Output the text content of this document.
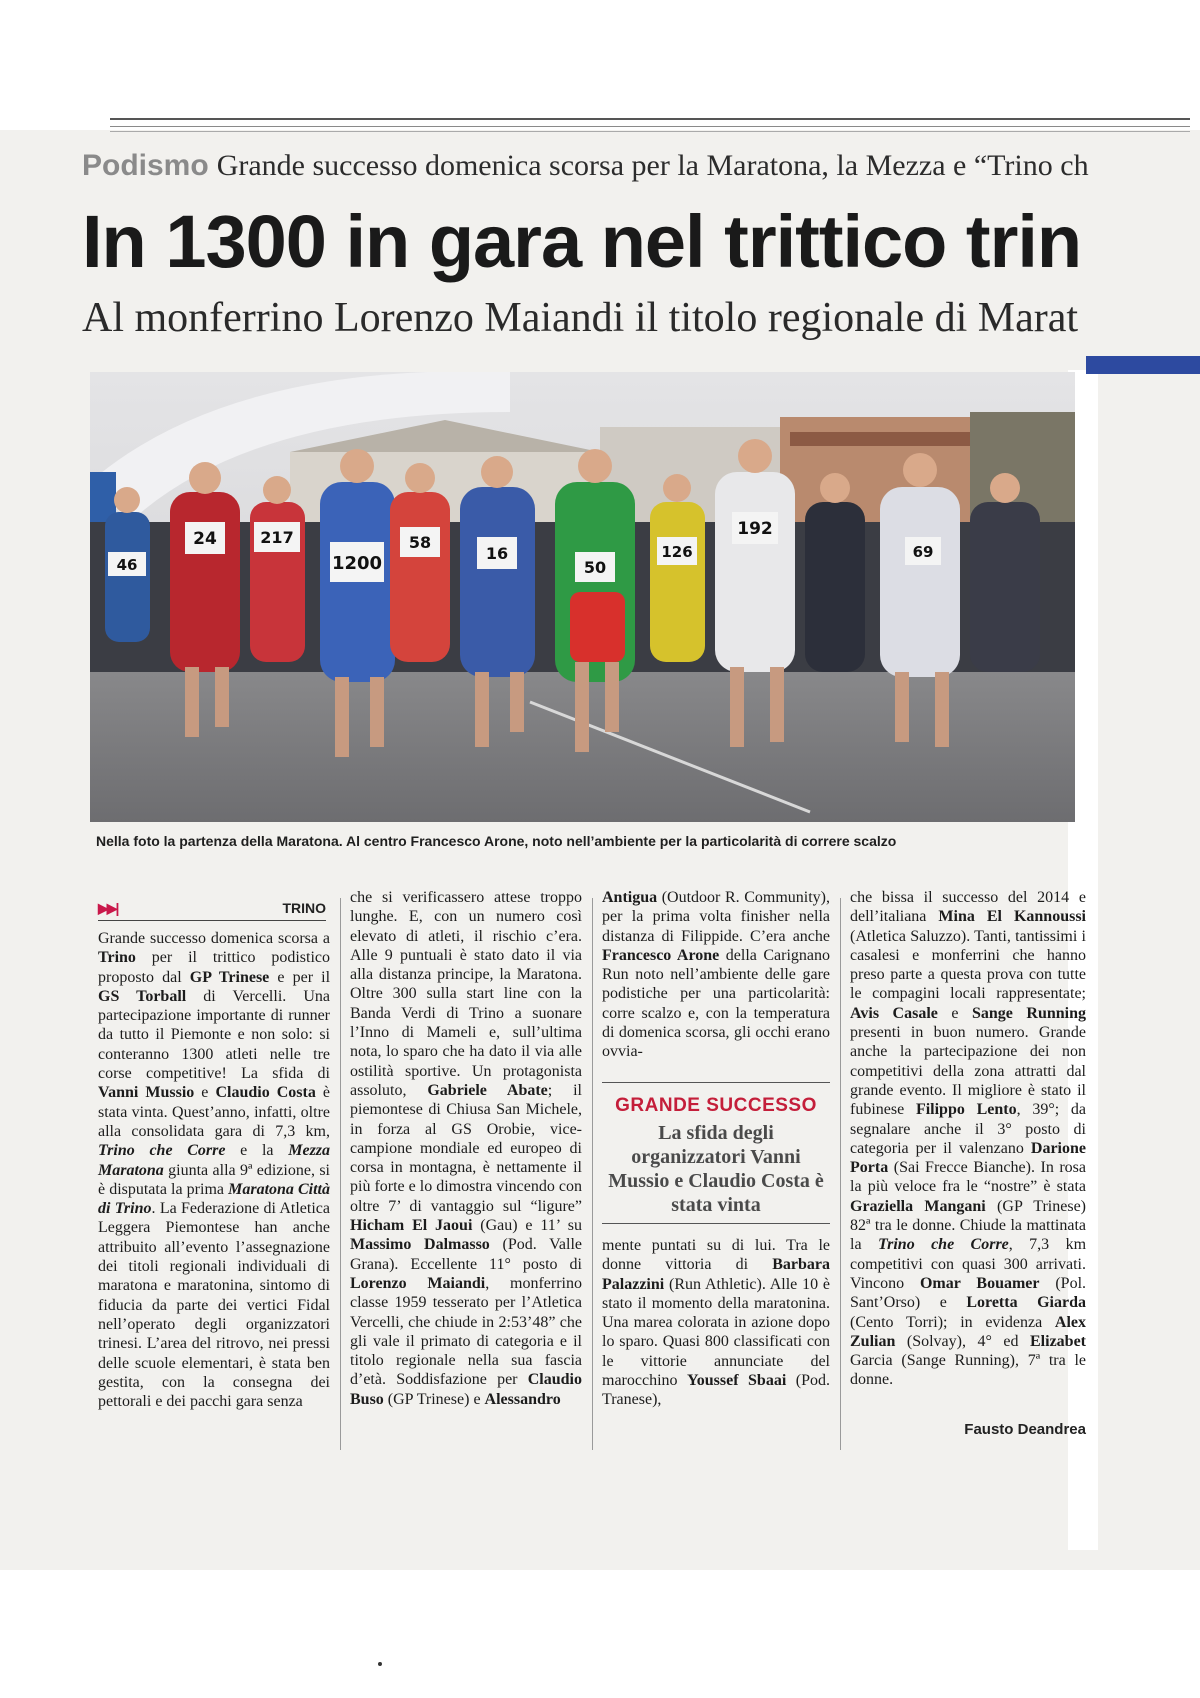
Podismo Grande successo domenica scorsa per la Maratona, la Mezza e “Trino ch
In 1300 in gara nel trittico trin
Al monferrino Lorenzo Maiandi il titolo regionale di Marat
46
24	217
1200
58
16
50
126
192
69
Nella foto la partenza della Maratona. Al centro Francesco Arone, noto nell’ambiente per la particolarità di correre scalzo
▶▶|	TRINO

Grande successo domenica scorsa a Trino per il trittico podistico proposto dal GP Trinese e per il GS Torball di Vercelli. Una partecipazione importante di runner da tutto il Piemonte e non solo: si conteranno 1300 atleti nelle tre corse competitive! La sfida di Vanni Mussio e Claudio Costa è stata vinta. Quest’anno, infatti, oltre alla consolidata gara di 7,3 km, Trino che Corre e la Mezza Maratona giunta alla 9ª edizione, si è disputata la prima Maratona Città di Trino. La Federazione di Atletica Leggera Piemontese han anche attribuito all’evento l’assegnazione dei titoli regionali individuali di maratona e maratonina, sintomo di fiducia da parte dei vertici Fidal nell’operato degli organizzatori trinesi. L’area del ritrovo, nei pressi delle scuole elementari, è stata ben gestita, con la consegna dei pettorali e dei pacchi gara senza

che si verificassero attese troppo lunghe. E, con un numero così elevato di atleti, il rischio c’era. Alle 9 puntuali è stato dato il via alla distanza principe, la Maratona. Oltre 300 sulla start line con la Banda Verdi di Trino a suonare l’Inno di Mameli e, sull’ultima nota, lo sparo che ha dato il via alle ostilità sportive. Un protagonista assoluto, Gabriele Abate; il piemontese di Chiusa San Michele, in forza al GS Orobie, vice-campione mondiale ed europeo di corsa in montagna, è nettamente il più forte e lo dimostra vincendo con oltre 7’ di vantaggio sul “ligure” Hicham El Jaoui (Gau) e 11’ su Massimo Dalmasso (Pod. Valle Grana). Eccellente 11° posto di Lorenzo Maiandi, monferrino classe 1959 tesserato per l’Atletica Vercelli, che chiude in 2:53’48” che gli vale il primato di categoria e il titolo regionale nella sua fascia d’età. Soddisfazione per Claudio Buso (GP Trinese) e Alessandro

Antigua (Outdoor R. Community), per la prima volta finisher nella distanza di Filippide. C’era anche Francesco Arone della Carignano Run noto nell’ambiente delle gare podistiche per una particolarità: corre scalzo e, con la temperatura di domenica scorsa, gli occhi erano ovvia-

GRANDE SUCCESSO
La sfida degli organizzatori Vanni Mussio e Claudio Costa è stata vinta

mente puntati su di lui. Tra le donne vittoria di Barbara Palazzini (Run Athletic). Alle 10 è stato il momento della maratonina. Una marea colorata in azione dopo lo sparo. Quasi 800 classificati con le vittorie annunciate del marocchino Youssef Sbaai (Pod. Tranese),

che bissa il successo del 2014 e dell’italiana Mina El Kannoussi (Atletica Saluzzo). Tanti, tantissimi i casalesi e monferrini che hanno preso parte a questa prova con tutte le compagini locali rappresentate; Avis Casale e Sange Running presenti in buon numero. Grande anche la partecipazione dei non competitivi della zona attratti dal grande evento. Il migliore è stato il fubinese Filippo Lento, 39°; da segnalare anche il 3° posto di categoria per il valenzano Darione Porta (Sai Frecce Bianche). In rosa la più veloce fra le “nostre” è stata Graziella Mangani (GP Trinese) 82ª tra le donne. Chiude la mattinata la Trino che Corre, 7,3 km competitivi con quasi 300 arrivati. Vincono Omar Bouamer (Pol. Sant’Orso) e Loretta Giarda (Cento Torri); in evidenza Alex Zulian (Solvay), 4° ed Elizabet Garcia (Sange Running), 7ª tra le donne.

Fausto Deandrea
